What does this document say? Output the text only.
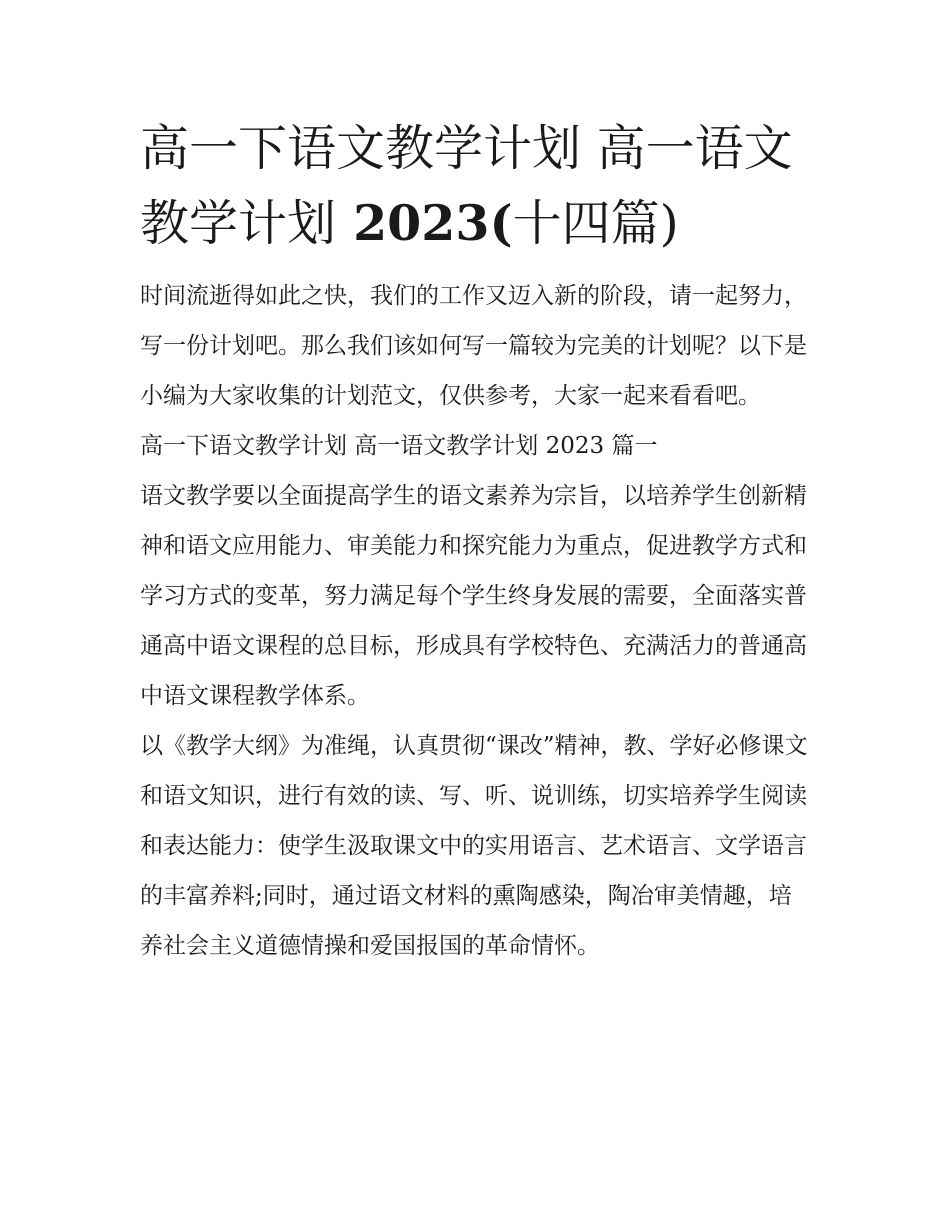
高一下语文教学计划 高一语文
教学计划 2023(十四篇)

时间流逝得如此之快，我们的工作又迈入新的阶段，请一起努力，写一份计划吧。那么我们该如何写一篇较为完美的计划呢？以下是小编为大家收集的计划范文，仅供参考，大家一起来看看吧。

高一下语文教学计划 高一语文教学计划 2023 篇一

语文教学要以全面提高学生的语文素养为宗旨，以培养学生创新精神和语文应用能力、审美能力和探究能力为重点，促进教学方式和学习方式的变革，努力满足每个学生终身发展的需要，全面落实普通高中语文课程的总目标，形成具有学校特色、充满活力的普通高中语文课程教学体系。

以《教学大纲》为准绳，认真贯彻“课改”精神，教、学好必修课文和语文知识，进行有效的读、写、听、说训练，切实培养学生阅读和表达能力：使学生汲取课文中的实用语言、艺术语言、文学语言的丰富养料;同时，通过语文材料的熏陶感染，陶冶审美情趣，培养社会主义道德情操和爱国报国的革命情怀。
